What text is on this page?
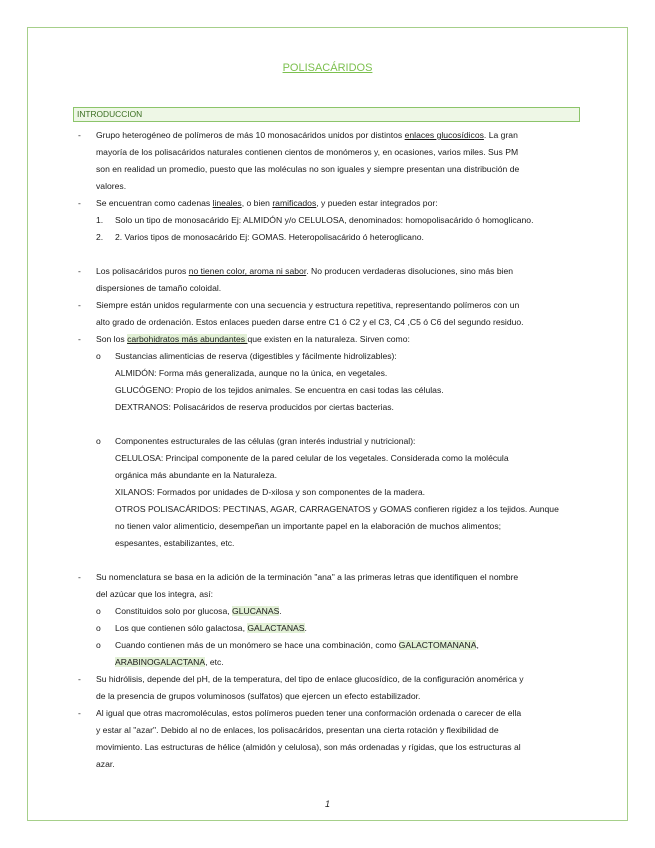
POLISACÁRIDOS
INTRODUCCION
- Grupo heterogéneo de polímeros de más 10 monosacáridos unidos por distintos enlaces glucosídicos. La gran
mayoría de los polisacáridos naturales contienen cientos de monómeros y, en ocasiones, varios miles. Sus PM
son en realidad un promedio, puesto que las moléculas no son iguales y siempre presentan una distribución de
valores.
- Se encuentran como cadenas lineales, o bien ramificados, y pueden estar integrados por:
1. Solo un tipo de monosacárido Ej: ALMIDÓN y/o CELULOSA, denominados: homopolisacárido ó homoglicano.
2. 2. Varios tipos de monosacárido Ej: GOMAS. Heteropolisacárido ó heteroglicano.
- Los polisacáridos puros no tienen color, aroma ni sabor. No producen verdaderas disoluciones, sino más bien
dispersiones de tamaño coloidal.
- Siempre están unidos regularmente con una secuencia y estructura repetitiva, representando polímeros con un
alto grado de ordenación. Estos enlaces pueden darse entre C1 ó C2 y el C3, C4 ,C5 ó C6 del segundo residuo.
- Son los carbohidratos más abundantes que existen en la naturaleza. Sirven como:
o Sustancias alimenticias de reserva (digestibles y fácilmente hidrolizables):
ALMIDÓN: Forma más generalizada, aunque no la única, en vegetales.
GLUCÓGENO: Propio de los tejidos animales. Se encuentra en casi todas las células.
DEXTRANOS: Polisacáridos de reserva producidos por ciertas bacterias.
o Componentes estructurales de las células (gran interés industrial y nutricional):
CELULOSA: Principal componente de la pared celular de los vegetales. Considerada como la molécula
orgánica más abundante en la Naturaleza.
XILANOS: Formados por unidades de D-xilosa y son componentes de la madera.
OTROS POLISACÁRIDOS: PECTINAS, AGAR, CARRAGENATOS y GOMAS confieren rigidez a los tejidos. Aunque
no tienen valor alimenticio, desempeñan un importante papel en la elaboración de muchos alimentos;
espesantes, estabilizantes, etc.
- Su nomenclatura se basa en la adición de la terminación "ana" a las primeras letras que identifiquen el nombre
del azúcar que los integra, así:
o Constituidos solo por glucosa, GLUCANAS.
o Los que contienen sólo galactosa, GALACTANAS.
o Cuando contienen más de un monómero se hace una combinación, como GALACTOMANANA,
ARABINOGALACTANA, etc.
- Su hidrólisis, depende del pH, de la temperatura, del tipo de enlace glucosídico, de la configuración anomérica y
de la presencia de grupos voluminosos (sulfatos) que ejercen un efecto estabilizador.
- Al igual que otras macromoléculas, estos polímeros pueden tener una conformación ordenada o carecer de ella
y estar al "azar". Debido al no de enlaces, los polisacáridos, presentan una cierta rotación y flexibilidad de
movimiento. Las estructuras de hélice (almidón y celulosa), son más ordenadas y rígidas, que los estructuras al
azar.
1
